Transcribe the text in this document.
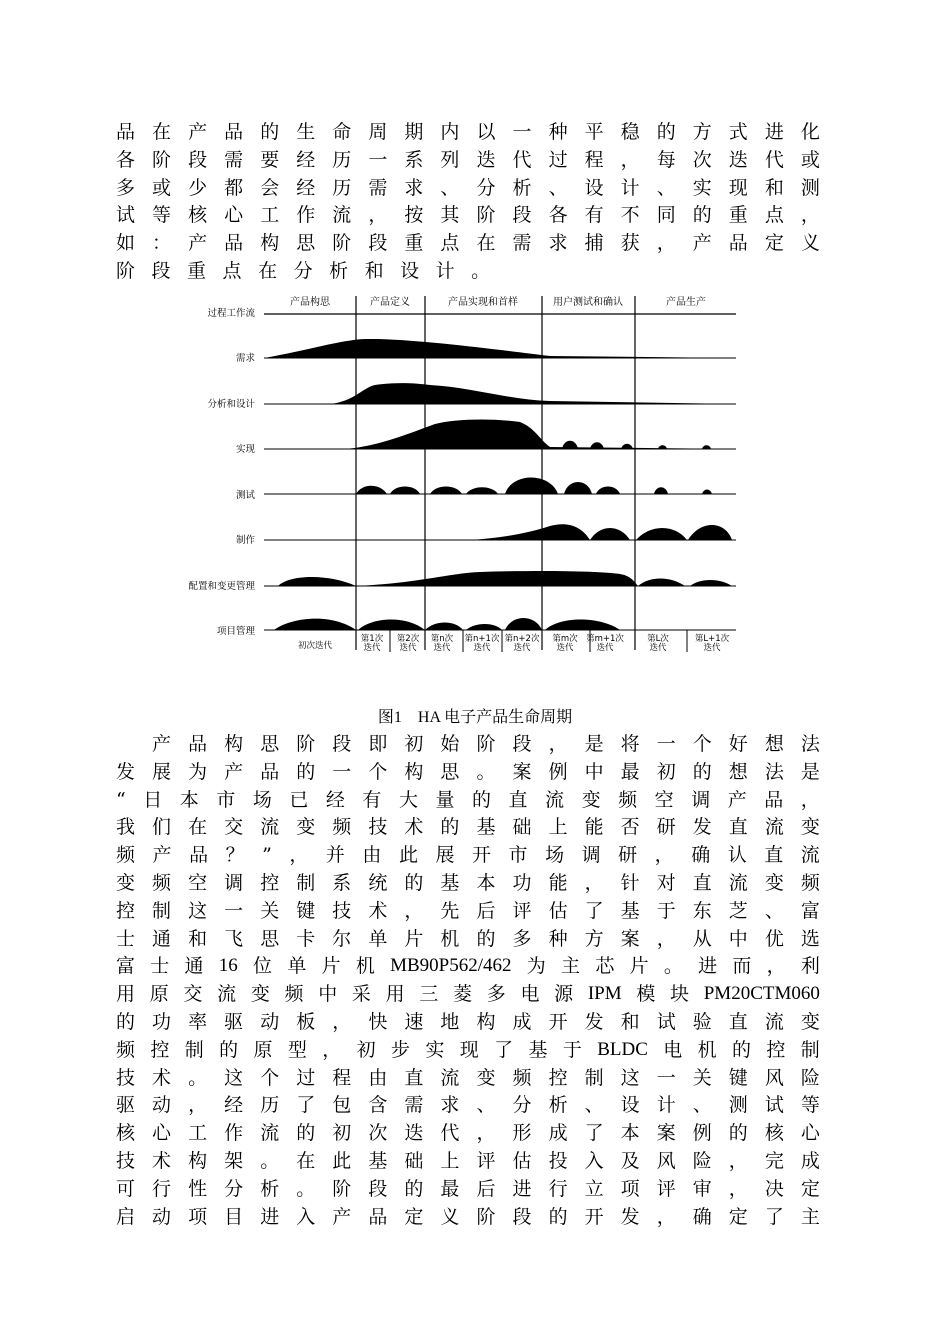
品 在 产 品 的 生 命 周 期 内 以 一 种 平 稳 的 方 式 进 化
各 阶 段 需 要 经 历 一 系 列 迭 代 过 程 ， 每 次 迭 代 或
多 或 少 都 会 经 历 需 求 、 分 析 、 设 计 、 实 现 和 测
试 等 核 心 工 作 流 ， 按 其 阶 段 各 有 不 同 的 重 点 ，
如 ： 产 品 构 思 阶 段 重 点 在 需 求 捕 获 ， 产 品 定 义
阶 段 重 点 在 分 析 和 设 计 。
产品构思	产品定义	产品实现和首样	用户测试和确认	产品生产
过程工作流
需求
分析和设计
实现
测试
制作
配置和变更管理
项目管理
初次迭代
第1次
迭代
第2次
迭代
第n次
迭代
第n+1次
迭代
第n+2次
迭代
第m次
迭代
第m+1次
迭代
第L次
迭代
第L+1次
迭代
图1 HA 电子产品生命周期

产 品 构 思 阶 段 即 初 始 阶 段 ， 是 将 一 个 好 想 法
发 展 为 产 品 的 一 个 构 思 。 案 例 中 最 初 的 想 法 是
“ 日 本 市 场 已 经 有 大 量 的 直 流 变 频 空 调 产 品 ，
我 们 在 交 流 变 频 技 术 的 基 础 上 能 否 研 发 直 流 变
频 产 品 ？ ” ， 并 由 此 展 开 市 场 调 研 ， 确 认 直 流
变 频 空 调 控 制 系 统 的 基 本 功 能 ， 针 对 直 流 变 频
控 制 这 一 关 键 技 术 ， 先 后 评 估 了 基 于 东 芝 、 富
士 通 和 飞 思 卡 尔 单 片 机 的 多 种 方 案 ， 从 中 优 选
富 士 通 16 位 单 片 机 MB90P562/462 为 主 芯 片 。 进 而 ， 利
用 原 交 流 变 频 中 采 用 三 菱 多 电 源 IPM 模 块 PM20CTM060
的 功 率 驱 动 板 ， 快 速 地 构 成 开 发 和 试 验 直 流 变
频 控 制 的 原 型 ， 初 步 实 现 了 基 于 BLDC 电 机 的 控 制
技 术 。 这 个 过 程 由 直 流 变 频 控 制 这 一 关 键 风 险
驱 动 ， 经 历 了 包 含 需 求 、 分 析 、 设 计 、 测 试 等
核 心 工 作 流 的 初 次 迭 代 ， 形 成 了 本 案 例 的 核 心
技 术 构 架 。 在 此 基 础 上 评 估 投 入 及 风 险 ， 完 成
可 行 性 分 析 。 阶 段 的 最 后 进 行 立 项 评 审 ， 决 定
启 动 项 目 进 入 产 品 定 义 阶 段 的 开 发 ， 确 定 了 主
